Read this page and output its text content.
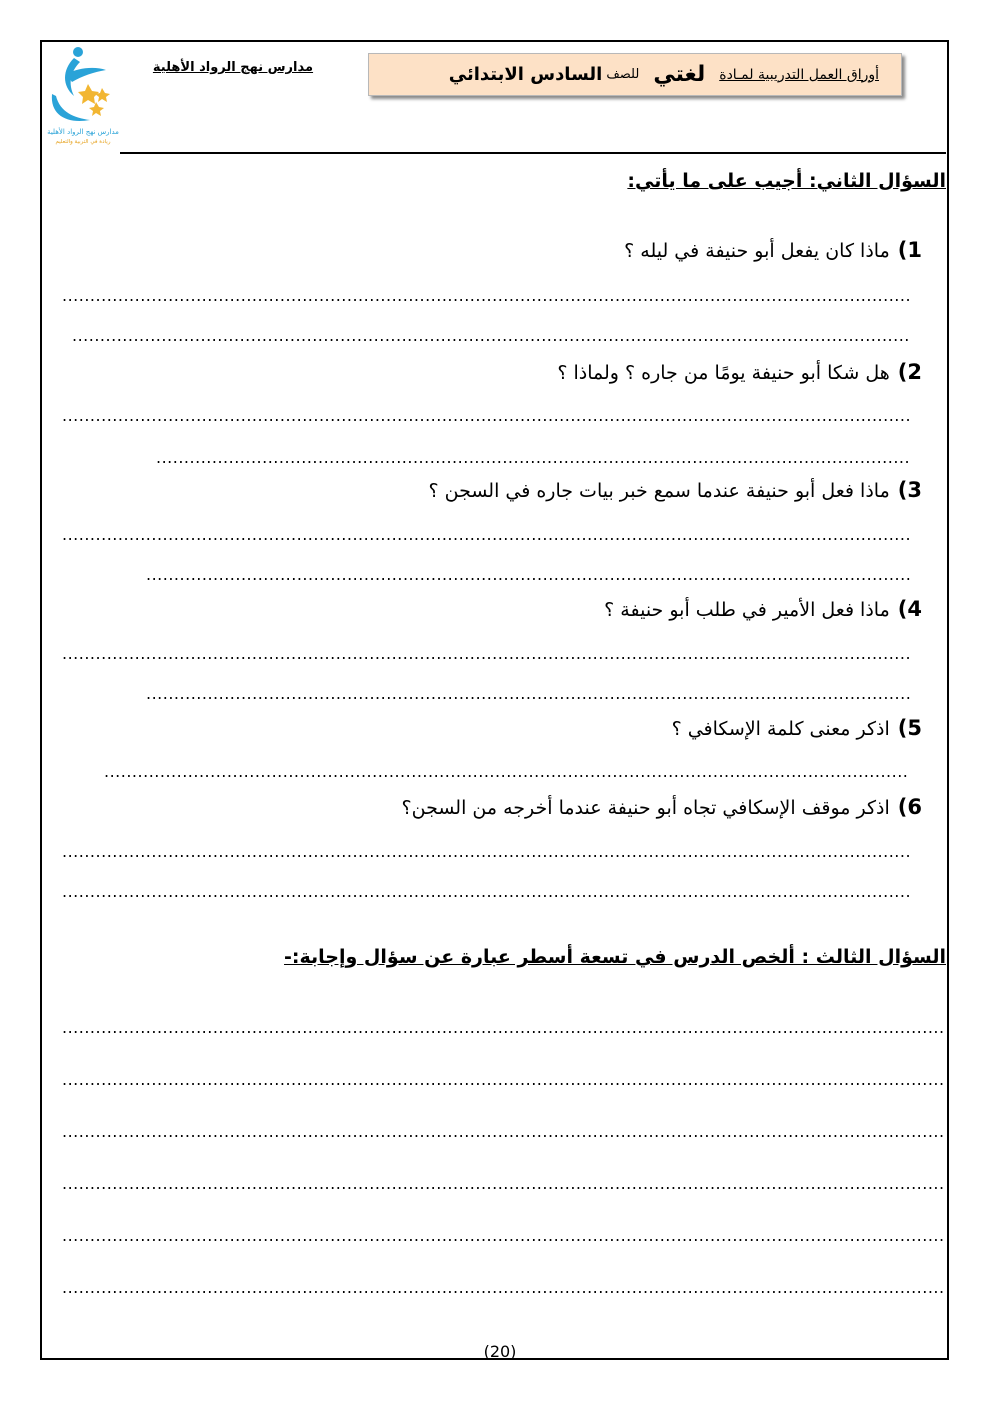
مدارس نهج الرواد الأهلية
ريادة في التربية والتعليم
مدارس نهج الرواد الأهلية	أوراق العمل التدريبية لمـادة
لغتي
للصف
السادس الابتدائي
السؤال الثاني: أجيب على ما يأتي:
1)ماذا كان يفعل أبو حنيفة في ليله ؟
.....
.....
2)هل شكا أبو حنيفة يومًا من جاره ؟ ولماذا ؟
.....
.....
3)ماذا فعل أبو حنيفة عندما سمع خبر بيات جاره في السجن ؟
.....
.....
4)ماذا فعل الأمير في طلب أبو حنيفة ؟
.....
.....
5)اذكر معنى كلمة الإسكافي ؟
.....
6)اذكر موقف الإسكافي تجاه أبو حنيفة عندما أخرجه من السجن؟
.....
.....
السؤال الثالث : ألخص الدرس في تسعة أسطر عبارة عن سؤال وإجابة:-
.....
.....
.....
.....
.....
.....
(20)
